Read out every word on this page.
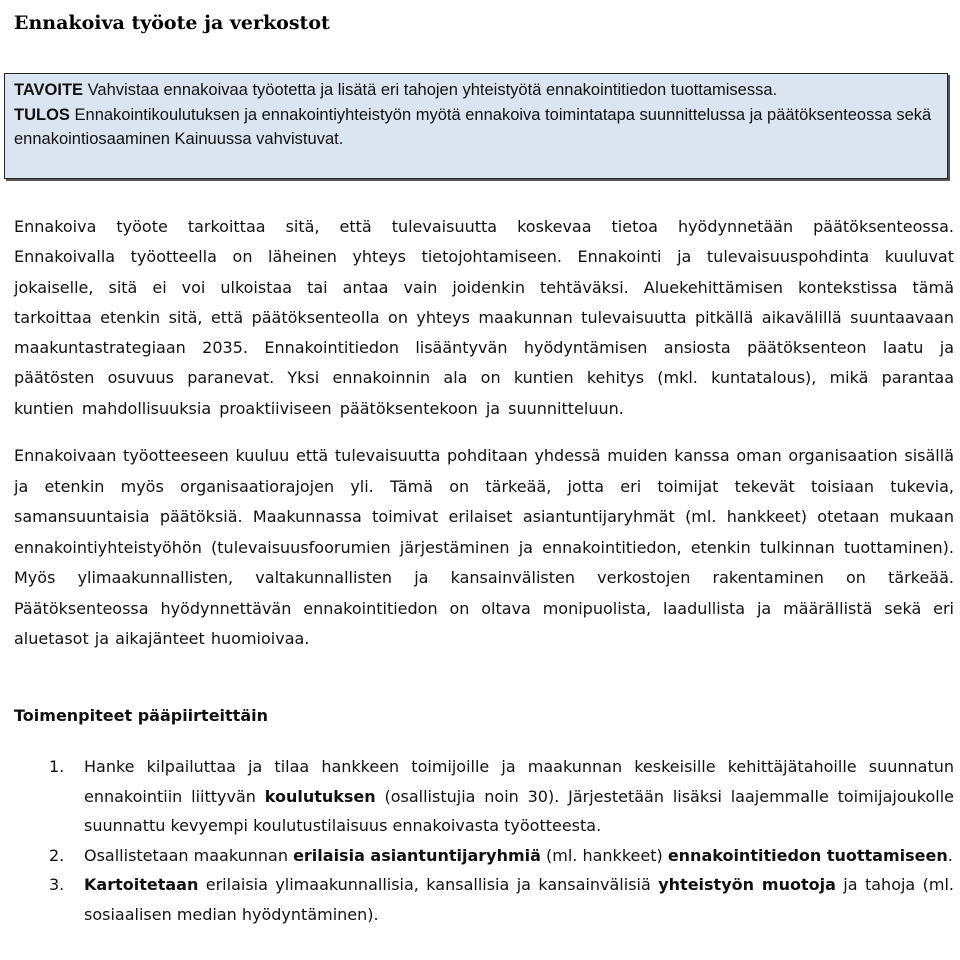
Ennakoiva työote ja verkostot
TAVOITE Vahvistaa ennakoivaa työotetta ja lisätä eri tahojen yhteistyötä ennakointitiedon tuottamisessa.
TULOS Ennakointikoulutuksen ja ennakointiyhteistyön myötä ennakoiva toimintatapa suunnittelussa ja päätöksenteossa sekä ennakointiosaaminen Kainuussa vahvistuvat.

Ennakoiva työote tarkoittaa sitä, että tulevaisuutta koskevaa tietoa hyödynnetään päätöksenteossa. Ennakoivalla työotteella on läheinen yhteys tietojohtamiseen. Ennakointi ja tulevaisuuspohdinta kuuluvat jokaiselle, sitä ei voi ulkoistaa tai antaa vain joidenkin tehtäväksi. Aluekehittämisen kontekstissa tämä tarkoittaa etenkin sitä, että päätöksenteolla on yhteys maakunnan tulevaisuutta pitkällä aikavälillä suuntaavaan maakuntastrategiaan 2035. Ennakointitiedon lisääntyvän hyödyntämisen ansiosta päätöksenteon laatu ja päätösten osuvuus paranevat. Yksi ennakoinnin ala on kuntien kehitys (mkl. kuntatalous), mikä parantaa kuntien mahdollisuuksia proaktiiviseen päätöksentekoon ja suunnitteluun.

Ennakoivaan työotteeseen kuuluu että tulevaisuutta pohditaan yhdessä muiden kanssa oman organisaation sisällä ja etenkin myös organisaatiorajojen yli. Tämä on tärkeää, jotta eri toimijat tekevät toisiaan tukevia, samansuuntaisia päätöksiä. Maakunnassa toimivat erilaiset asiantuntijaryhmät (ml. hankkeet) otetaan mukaan ennakointiyhteistyöhön (tulevaisuusfoorumien järjestäminen ja ennakointitiedon, etenkin tulkinnan tuottaminen). Myös ylimaakunnallisten, valtakunnallisten ja kansainvälisten verkostojen rakentaminen on tärkeää. Päätöksenteossa hyödynnettävän ennakointitiedon on oltava monipuolista, laadullista ja määrällistä sekä eri aluetasot ja aikajänteet huomioivaa.

Toimenpiteet pääpiirteittäin

1. Hanke kilpailuttaa ja tilaa hankkeen toimijoille ja maakunnan keskeisille kehittäjätahoille suunnatun ennakointiin liittyvän koulutuksen (osallistujia noin 30). Järjestetään lisäksi laajemmalle toimijajoukolle suunnattu kevyempi koulutustilaisuus ennakoivasta työotteesta.
2. Osallistetaan maakunnan erilaisia asiantuntijaryhmiä (ml. hankkeet) ennakointitiedon tuottamiseen.
3. Kartoitetaan erilaisia ylimaakunnallisia, kansallisia ja kansainvälisiä yhteistyön muotoja ja tahoja (ml. sosiaalisen median hyödyntäminen).
